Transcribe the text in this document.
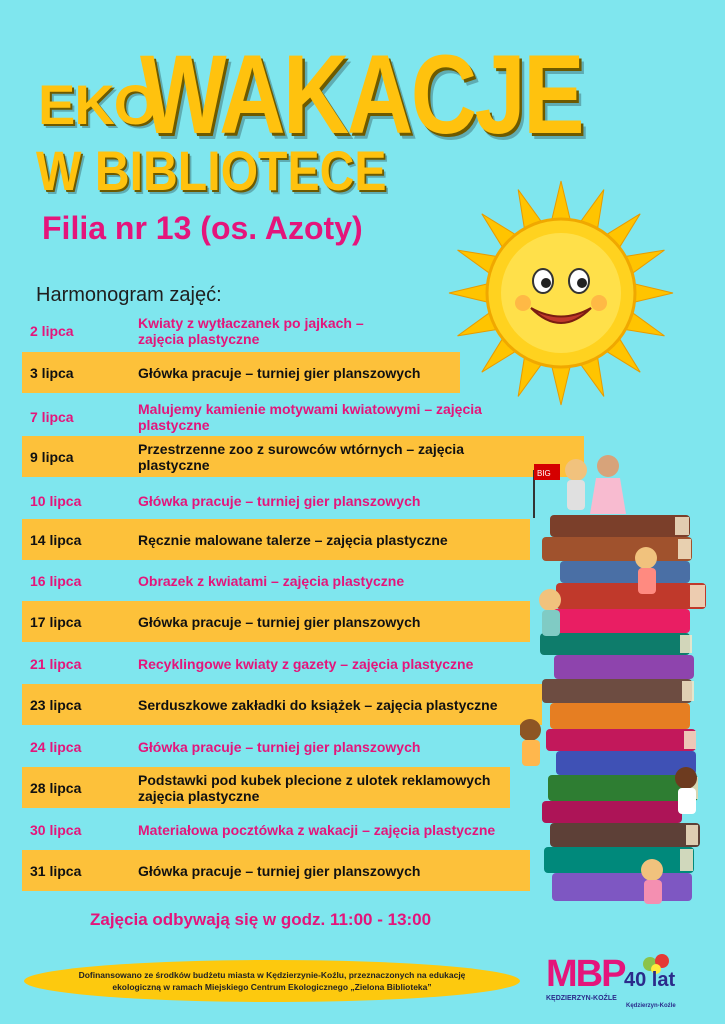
EKO
WAKACJE
W BIBLIOTECE
Filia nr 13 (os. Azoty)
Harmonogram zajęć:
2 lipca	Kwiaty z wytłaczanek po jajkach –
zajęcia plastyczne
3 lipca	Główka pracuje – turniej gier planszowych
7 lipca	Malujemy kamienie motywami kwiatowymi – zajęcia
plastyczne
9 lipca	Przestrzenne zoo z surowców wtórnych – zajęcia
plastyczne
10 lipca	Główka pracuje – turniej gier planszowych
14 lipca	Ręcznie malowane talerze – zajęcia plastyczne
16 lipca	Obrazek z kwiatami – zajęcia plastyczne
17 lipca	Główka pracuje – turniej gier planszowych
21 lipca	Recyklingowe kwiaty z gazety – zajęcia plastyczne
23 lipca	Serduszkowe zakładki do książek – zajęcia plastyczne
24 lipca	Główka pracuje – turniej gier planszowych
28 lipca	Podstawki pod kubek plecione z ulotek reklamowych
zajęcia plastyczne
30 lipca	Materiałowa pocztówka z wakacji – zajęcia plastyczne
31 lipca	Główka pracuje – turniej gier planszowych
BIG
Zajęcia odbywają się w godz. 11:00 - 13:00
Dofinansowano ze środków budżetu miasta w Kędzierzynie-Koźlu, przeznaczonych na edukację ekologiczną w ramach Miejskiego Centrum Ekologicznego „Zielona Biblioteka”	MBP 40 lat
KĘDZIERZYN-KOŹLE
Kędzierzyn-Koźle
